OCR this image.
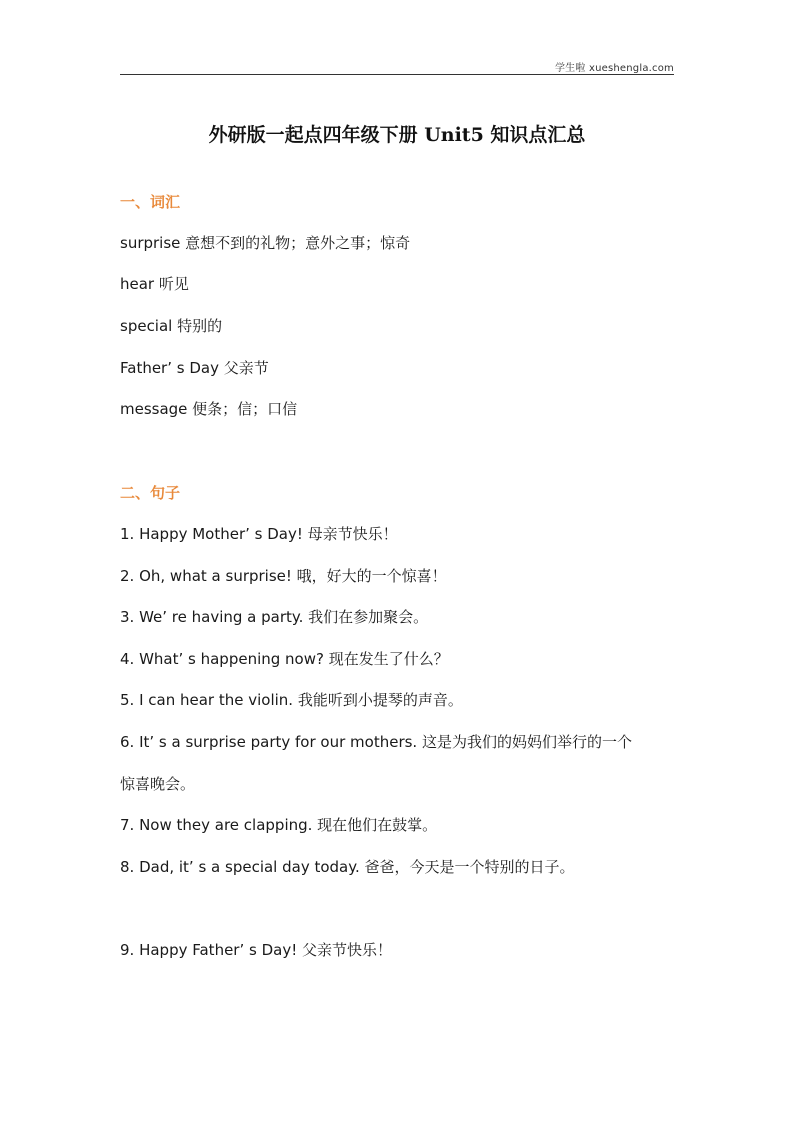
学生啦 xueshengla.com
外研版一起点四年级下册 Unit5 知识点汇总
一、词汇
surprise 意想不到的礼物；意外之事；惊奇
hear 听见
special 特别的
Father’ s Day 父亲节
message 便条；信；口信
二、句子
1. Happy Mother’ s Day! 母亲节快乐！
2. Oh, what a surprise! 哦，好大的一个惊喜！
3. We’ re having a party. 我们在参加聚会。
4. What’ s happening now? 现在发生了什么？
5. I can hear the violin. 我能听到小提琴的声音。
6. It’ s a surprise party for our mothers. 这是为我们的妈妈们举行的一个
惊喜晚会。
7. Now they are clapping. 现在他们在鼓掌。
8. Dad, it’ s a special day today. 爸爸，今天是一个特别的日子。
9. Happy Father’ s Day! 父亲节快乐！
